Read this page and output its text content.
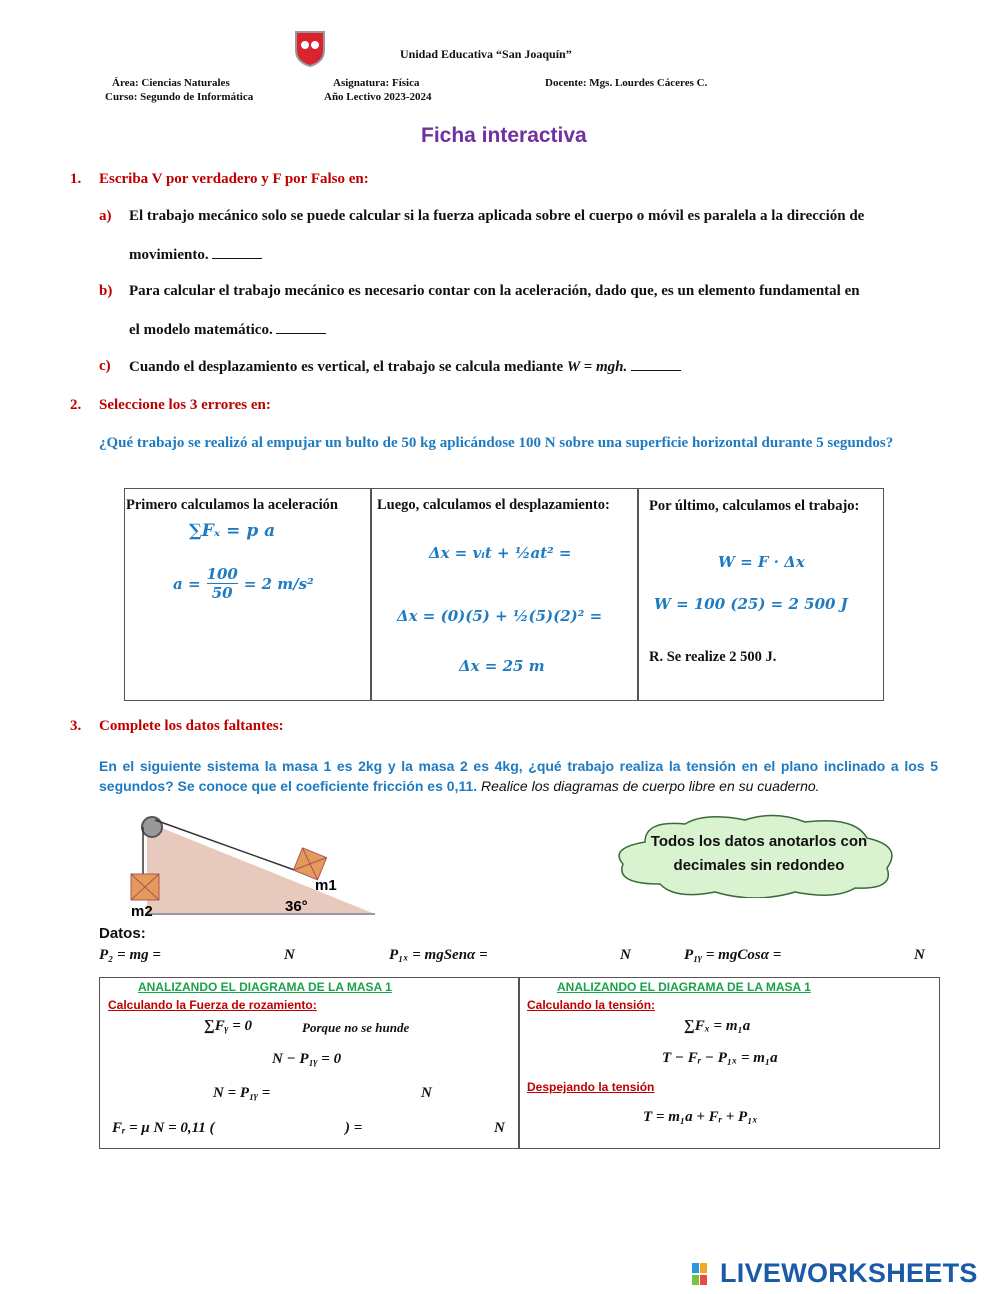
Unidad Educativa “San Joaquín”
Área: Ciencias Naturales
Curso: Segundo de Informática
Asignatura: Física
Año Lectivo 2023-2024
Docente: Mgs. Lourdes Cáceres C.
Ficha interactiva
1. Escriba V por verdadero y F por Falso en:
a) El trabajo mecánico solo se puede calcular si la fuerza aplicada sobre el cuerpo o móvil es paralela a la dirección de
movimiento.
b) Para calcular el trabajo mecánico es necesario contar con la aceleración, dado que, es un elemento fundamental en
el modelo matemático.
c) Cuando el desplazamiento es vertical, el trabajo se calcula mediante W = mgh.
2. Seleccione los 3 errores en:
¿Qué trabajo se realizó al empujar un bulto de 50 kg aplicándose 100 N sobre una superficie horizontal durante 5 segundos?
Primero calculamos la aceleración
∑Fₓ = p a
$a = \frac{100}{50} = 2$ m/s²
Luego, calculamos el desplazamiento:
Δx = vᵢt + ½at² =
Δx = (0)(5) + ½(5)(2)² =
Δx = 25 m
Por último, calculamos el trabajo:
W = F · Δx
W = 100 (25) = 2 500 J
R. Se realize 2 500 J.
3. Complete los datos faltantes:
En el siguiente sistema la masa 1 es 2kg y la masa 2 es 4kg, ¿qué trabajo realiza la tensión en el plano inclinado a los 5 segundos? Se conoce que el coeficiente fricción es 0,11. Realice los diagramas de cuerpo libre en su cuaderno.
m1
m2	36°
Todos los datos anotarlos con decimales sin redondeo
Datos:
P₂ = mg =	N	P₁ₓ = mgSenα =	N	P₁ᵧ = mgCosα =	N
ANALIZANDO EL DIAGRAMA DE LA MASA 1
Calculando la Fuerza de rozamiento:
∑Fᵧ = 0	Porque no se hunde
N − P₁ᵧ = 0
N = P₁ᵧ =	N
Fᵣ = μ N = 0,11 (	) =	N
ANALIZANDO EL DIAGRAMA DE LA MASA 1
Calculando la tensión:
∑Fₓ = m₁a
T − Fᵣ − P₁ₓ = m₁a
Despejando la tensión
T = m₁a + Fᵣ + P₁ₓ
LIVEWORKSHEETS
